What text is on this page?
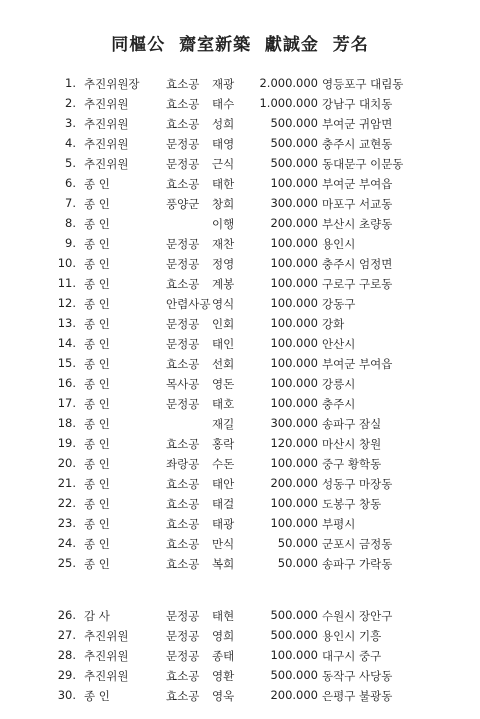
同樞公  齋室新築  獻誠金  芳名
1. 추진위원장 효소공 재광	2.000.000 영등포구 대림동
2. 추진위원	효소공 태수	1.000.000 강남구 대치동
3. 추진위원	효소공 성희	500.000 부여군 귀암면
4. 추진위원	문정공 태영	500.000 충주시 교현동
5. 추진위원	문정공 근식	500.000 동대문구 이문동
6. 종 인	효소공 태한	100.000 부여군 부여읍
7. 종 인	풍양군 창희	300.000 마포구 서교동
8. 종 인	이행	200.000 부산시 초량동
9. 종 인	문정공 재찬	100.000 용인시
10. 종 인	문정공 정영	100.000 충주시 엄정면
11. 종 인	효소공 계봉	100.000 구로구 구로동
12. 종 인	안렴사공 영식	100.000 강동구
13. 종 인	문정공 인회	100.000 강화
14. 종 인	문정공 태인	100.000 안산시
15. 종 인	효소공 선회	100.000 부여군 부여읍
16. 종 인	목사공 영돈	100.000 강릉시
17. 종 인	문정공 태호	100.000 충주시
18. 종 인	재길	300.000 송파구 잠실
19. 종 인	효소공 홍락	120.000 마산시 창원
20. 종 인	좌랑공 수돈	100.000 중구 황학동
21. 종 인	효소공 태안	200.000 성동구 마장동
22. 종 인	효소공 태걸	100.000 도봉구 창동
23. 종 인	효소공 태광	100.000 부평시
24. 종 인	효소공 만식	50.000 군포시 금정동
25. 종 인	효소공 복희	50.000 송파구 가락동
26. 감 사	문정공 태현	500.000 수원시 장안구
27. 추진위원	문정공 영희	500.000 용인시 기흥
28. 추진위원	문정공 종태	100.000 대구시 중구
29. 추진위원	효소공 영환	500.000 동작구 사당동
30. 종 인	효소공 영욱	200.000 은평구 불광동
